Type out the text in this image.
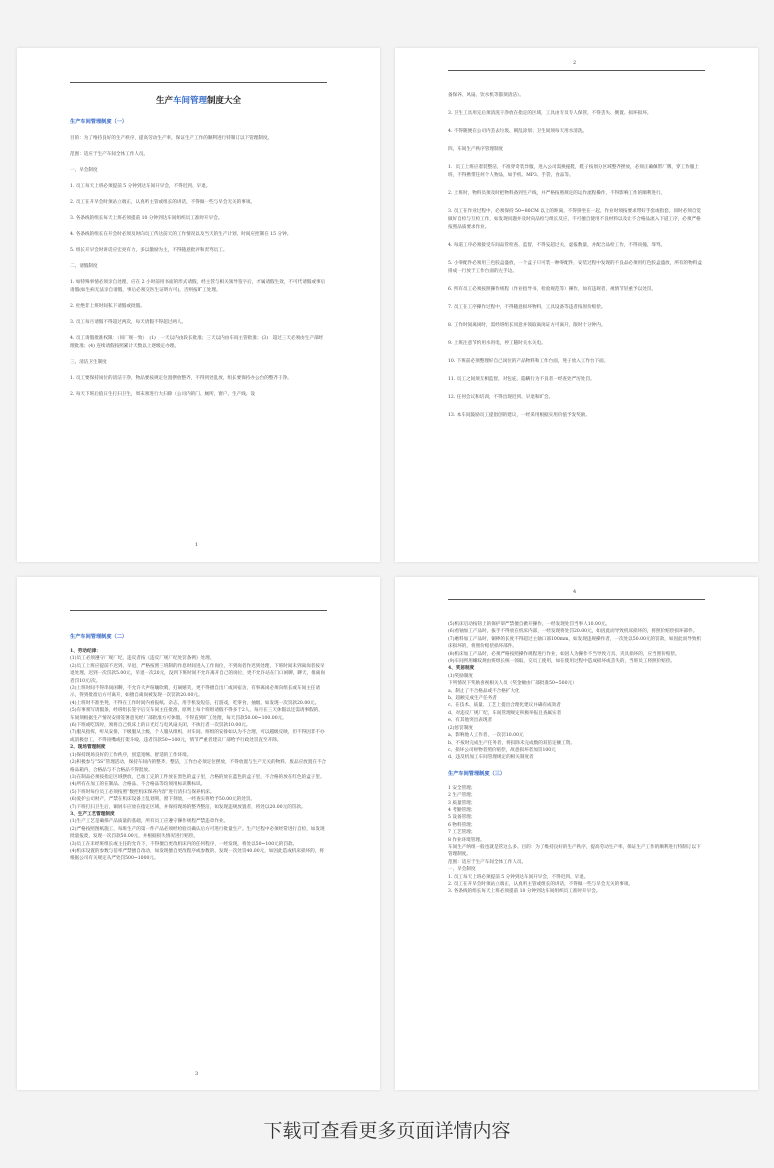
生产车间管理制度大全
生产车间管理制度（一）

目的：为了维持良好的生产秩序，提高劳动生产率，保证生产工作的顺利进行特制订以下管理制度。

范围：适应于生产车间全体工作人员。

一、早会制度

1. 员工每天上班必须提前 5 分钟到达车间开早会，不得迟到、早退。

2. 员工在开早会时须站立端正，认真听主管或组长的讲话，不得做一些与早会无关的事项。

3. 各条线的组长每天上班必须提前 10 分钟到达车间组织员工准时开早会。

4. 各条线的组长在开会时必须及时向员工传达前天的工作情况以及当天的生产计划，时间应控制在 15 分钟。

5. 组长开早会时讲话应宏亮有力，多以激励为主，不得随意批评和责骂员工。

二、请假制度

1. 如特殊事情必须亲自处理，应在 2 小时前用书面的形式请假，经主管与相关领导签字后，才属请假生效，不可代请假或事后请假(如生病无法亲自请假，事后必须交医生证明方可)，否则按旷工处理。

2. 杜绝非上班时间私下请假或批假。

3. 员工每月请假不得超过两次，每天请假不得超过两人。

4. 员工请假批准权限：（同厂规一致）　(1)　一天以内由段长批准；三天以内由车间主管批准；(3)　超过三天必须由生产部经理批准；(4) 连续请假按照累计天数以上逐级定办理。

三、清洁卫生制度

1. 员工要保持岗位的清洁干净，物品要按规定位置摆放整齐，不得到处乱放，组长要保持办公台的整齐干净。

2. 每天下班后值日生打扫卫生，周末须进行大扫除（公司内的门、厕所、窗户、生产线、设

1
2

备保养、风扇、饮水机等都须清洁）。

3. 卫生工具用完后须清洗干净放在指定的区域，工具由专员专人保管，不得丢失、倒置、损坏损坏。

4. 不得随便在公司内丢去垃圾、朝乱涂划；卫生间须每天用水清洗。

四、车间生产秩序管理制度

1．员工上班应着装整洁，不准穿奇装异服，进入公司需换拖鞋，鞋子按划分区域整齐摆放，必须正确佩带厂牌，穿工作服上班，不得携带任何个人物品，如手机、MP3、手袋、食品等。

2. 上班时，物料员须及时把物料备到生产线，并严格按照规定的运作流程操作，不得影响工作的顺利进行。

3. 员工在作业过程中，必须保持 50~80CM 以上的距离，不得挤坐在一起，作业时须按要求带好手套或指套，同时必须自觉做好自检与互检工作，如发现问题并及时向品检与组长反应，不可擅自使用不良材料以及让不合格品流入下道工序，必须严格按照品质要求作业。

4. 每道工序必须接受车间品管检查、监督，不得妄超过关，虚报数量，并配合品检工作，不得顶撞、辱骂。

5. 小零配件必须用三色胶盒盛放，一个盒子只可装一种零配件，安装过程中发现的不良品必须用红色胶盒盛放，所有的物料盒排成一行放于工作台面的左手边。

6. 所有员工必须按照操作规程（作业指导书，检验规范等）操作，如有违规者，视情节轻重予以处罚。

7. 员工在工序操作过程中，不得随意损坏物料，工具设备等违者按原价赔偿。

8. 工作时间离岗时，需经班组长同意并领取离岗证方可离开，限时十分钟内。

9. 上班注意节约用水用电，停工随时关水关电。

10. 下班前必须整理好自己岗位的产品物料和工作台面，凳子放入工作台下面。

11. 员工之间须互相监督，对包庇、隐瞒行为不良者一经查处严厉处罚。

12. 任何会议和培训，不得出现迟到、早退和旷会。

13. 本车间鼓励员工提倡创的建议，一经采用根据实用价值予发奖励。

生产车间管理制度（二）

1、劳动纪律：

(1)员工必须遵守厂规厂纪，违反者按《违反厂规厂纪处罚条例》处理。

(2)员工上班应提前不迟到、早退，严格按照三班制的作息时间进入工作岗位，不到岗者作迟到处理，下班时间未到离岗者按早退处理，迟到一次罚款5.00元，早退一次20元，没到下班时间不允许离开自己的岗位，更不允许站在门口闲聊，聊天，推离岗者罚10元/次。

(3)上班时间不得串岗闲聊，不允许大声喧嚷吹哨，打闹嬉笑，更不得擅自出厂或回宿舍，有事离岗必须向组长或车间主任请示，得到批准后方可离开，如擅自离岗被发现一次罚款20.00元。

(4)上班时不准坐凳，不得在工作时间内看报纸、杂志，用手机发短信，打游戏，吃零食，抽烟，如发现一次罚款20.00元。

(5)有事须写请假条，经班组长签字后交车间主任批准，原则上每个班组请假不得多于2人，每月在三天休假以还需请事假的，车间须根据生产情况安排签署意见经厂部批准方可休假，不得直到旷工处理，每天罚款50.00~100.00元。

(6)下班或吃饭时，须将自己机床上的日光灯与电风扇关闭，不执行者一次罚款10.00元。

(7)服从指挥，听从安排，下级服从上级，个人服从组织，对车间、班组的安排如认为不合理，可以越级反映，但不得因非不办或消极怠工，不得顶嘴或打架斗殴，违者罚款50~100元，情节严重者建议厂部给予行政处罚直至开除。

2、现场管理制度

(1)保持现场良好的工作秩序，创造宽畅、舒适的工作环境。

(2)积极参与“5S”管理活动，保持车间内的整齐、整洁，工作台必须定位摆放，不得放置与生产无关的物料，废品应放置在不合格品箱内，合格品与不合格品不得混放。

(3)在制品必须按指定区域摆放，已加工完的工件放在黑色的盒子里，合格的放在蓝色的盒子里，不合格的放在红色的盒子里。

(4)所有在加工的在制品、合格品、不合格品等均须用标识牌标识。

(5)下班时每位员工必须按照“数控机床保养内容”进行清扫与保养机床。

(6)爱护公司财产，严禁在机床设备上乱划刻，窗下刻放，一经查实将给予50.00元的处罚。

(7)下班打扫卫生后，铜屑车应放在指定区域，并保持现场的整齐整洁，如发现违规放置者，将处以20.00元的罚款。

3、生产工艺管理制度

(1)生产工艺是确保产品质量的基础，所有员工应遵守操作规程严禁违章作业。

(2)严格按照图纸施工，每班生产的第一件产品必须经检验员确认后方可进行批量生产。生产过程中必须经常进行自检，如发现批量报废，发现一次罚款50.00元，并根据损失情况进行赔偿。

(3)员工在未经班组长或主任的允许下，不得擅自更改机床内的任何程序，一经发现，将处以50~100元的罚款。

(4)机床设置的参数与倍率严禁擅自改动，如发现擅自更改程序或参数的，发现一次处罚40.00元，如因此造成机床损坏的，将根据公司有关规定从严处罚500~1000元。

3
4

(5)机床启动按钮上的保护罩严禁擅自掀开操作，一经发现处罚当事人10.00元。

(6)看铀加工产品时，拔手不得放在机床内部，一经发现将处罚20.00元，如因此而导致机床损坏的，将照价赔偿损坏部件。

(7)磨料加工产品时，铜棒的长度不得超过主轴口部100mm，如发现违规操作者，一次处以50.00元的罚款，如因此而导致机床损坏的，将照价赔偿损坏部件。

(8)机床加工产品时，必须严格按照操作规程进行作业，如因人为操作不当导致刀具、夹具损坏的，应当照价赔偿。

(9)车间所用螺纹规由班组长统一领取，交员工使用，如在使用过程中造成损坏或丢失的，当班员工将照价赔偿。

4、奖惩制度

(1)奖励制度

下列情况下奖励喜视相关人员（奖金额由厂部批准50~500元）

a、制止了不合格品或不合格扩大化

b、超额完成生产任务者

c、在技术、质量、工艺上提出合理化建议并确有成效者

d、对违反厂规厂纪，车间管理规定积极举报且查属实者

e、有其他突出表现者

(2)惩罚制度

a、影响他人工作者，一次罚10.00元

b、不按时完成生产任务者，将扣除未完成数的双倍定额工资。

c、损坏公司财物者照价赔偿，故意损坏者加罚100元

d、违反机加工车间管理规定的相关制度者

生产车间管理制度（三）

1 安全管理；

2 生产管理；

3 质量管理；

4 考勤管理；

5 设备管理；

6 物料管理；

7 工艺管理；

8 作业环境管理。

车间生产纳组一般也就是管这么多。目的：为了维持良好的生产秩序，提高劳动生产率，保证生产工作的顺利进行特制订以下管理制度。

范围：适应于生产车间全体工作人员。

一、早会制度

1. 员工每天上班必须提前 5 分钟到达车间开早会，不得迟到、早退。

2. 员工在开早会时须站立端正，认真听主管或组长的讲话，不得做一些与早会无关的事项。

3. 各条线的组长每天上班必须提前 10 分钟到达车间组织员工准时开早会。

下载可查看更多页面详情内容
